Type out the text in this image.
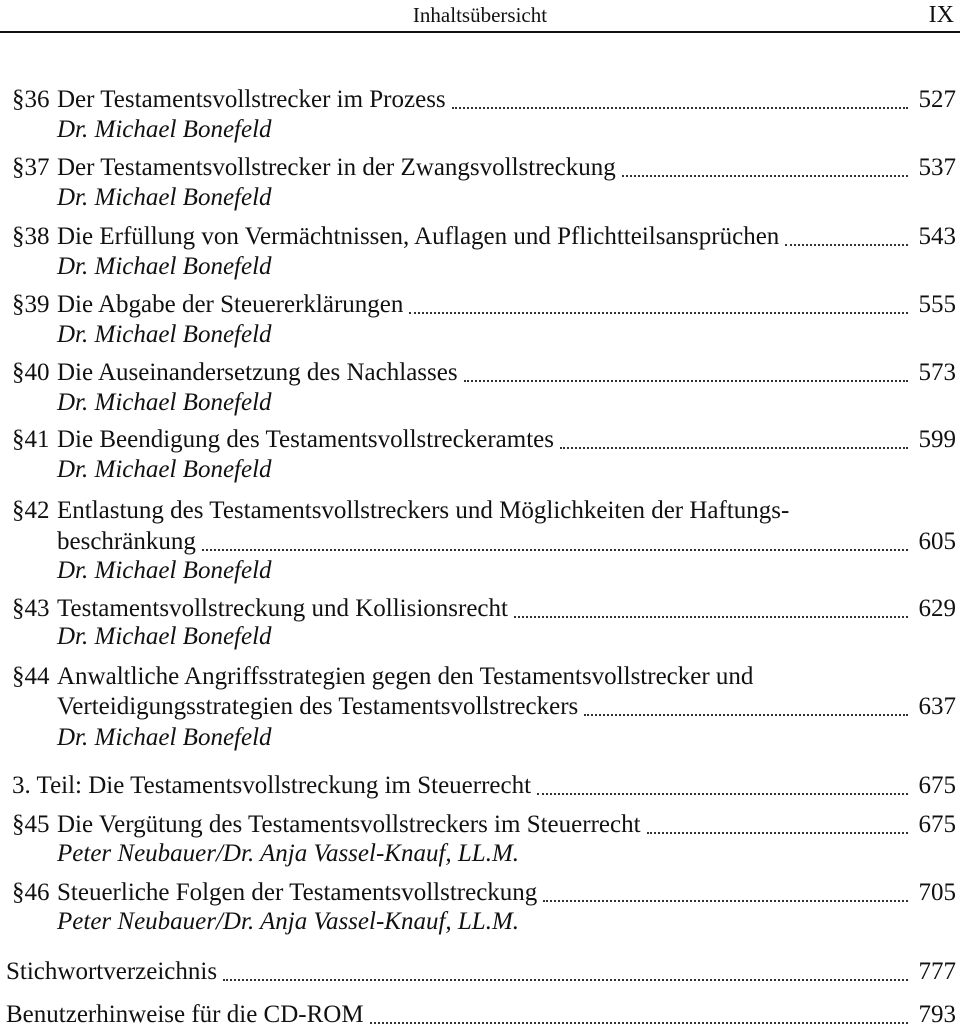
Inhaltsübersicht	IX
§36 Der Testamentsvollstrecker im Prozess	527
Dr. Michael Bonefeld
§37 Der Testamentsvollstrecker in der Zwangsvollstreckung	537
Dr. Michael Bonefeld
§38 Die Erfüllung von Vermächtnissen, Auflagen und Pflichtteilsansprüchen	543
Dr. Michael Bonefeld
§39 Die Abgabe der Steuererklärungen	555
Dr. Michael Bonefeld
§40 Die Auseinandersetzung des Nachlasses	573
Dr. Michael Bonefeld
§41 Die Beendigung des Testamentsvollstreckeramtes	599
Dr. Michael Bonefeld
§42 Entlastung des Testamentsvollstreckers und Möglichkeiten der Haftungs-
beschränkung	605
Dr. Michael Bonefeld
§43 Testamentsvollstreckung und Kollisionsrecht	629
Dr. Michael Bonefeld
§44 Anwaltliche Angriffsstrategien gegen den Testamentsvollstrecker und
Verteidigungsstrategien des Testamentsvollstreckers	637
Dr. Michael Bonefeld
3. Teil: Die Testamentsvollstreckung im Steuerrecht	675
§45 Die Vergütung des Testamentsvollstreckers im Steuerrecht	675
Peter Neubauer/Dr. Anja Vassel-Knauf, LL.M.
§46 Steuerliche Folgen der Testamentsvollstreckung	705
Peter Neubauer/Dr. Anja Vassel-Knauf, LL.M.
Stichwortverzeichnis	777
Benutzerhinweise für die CD-ROM	793
